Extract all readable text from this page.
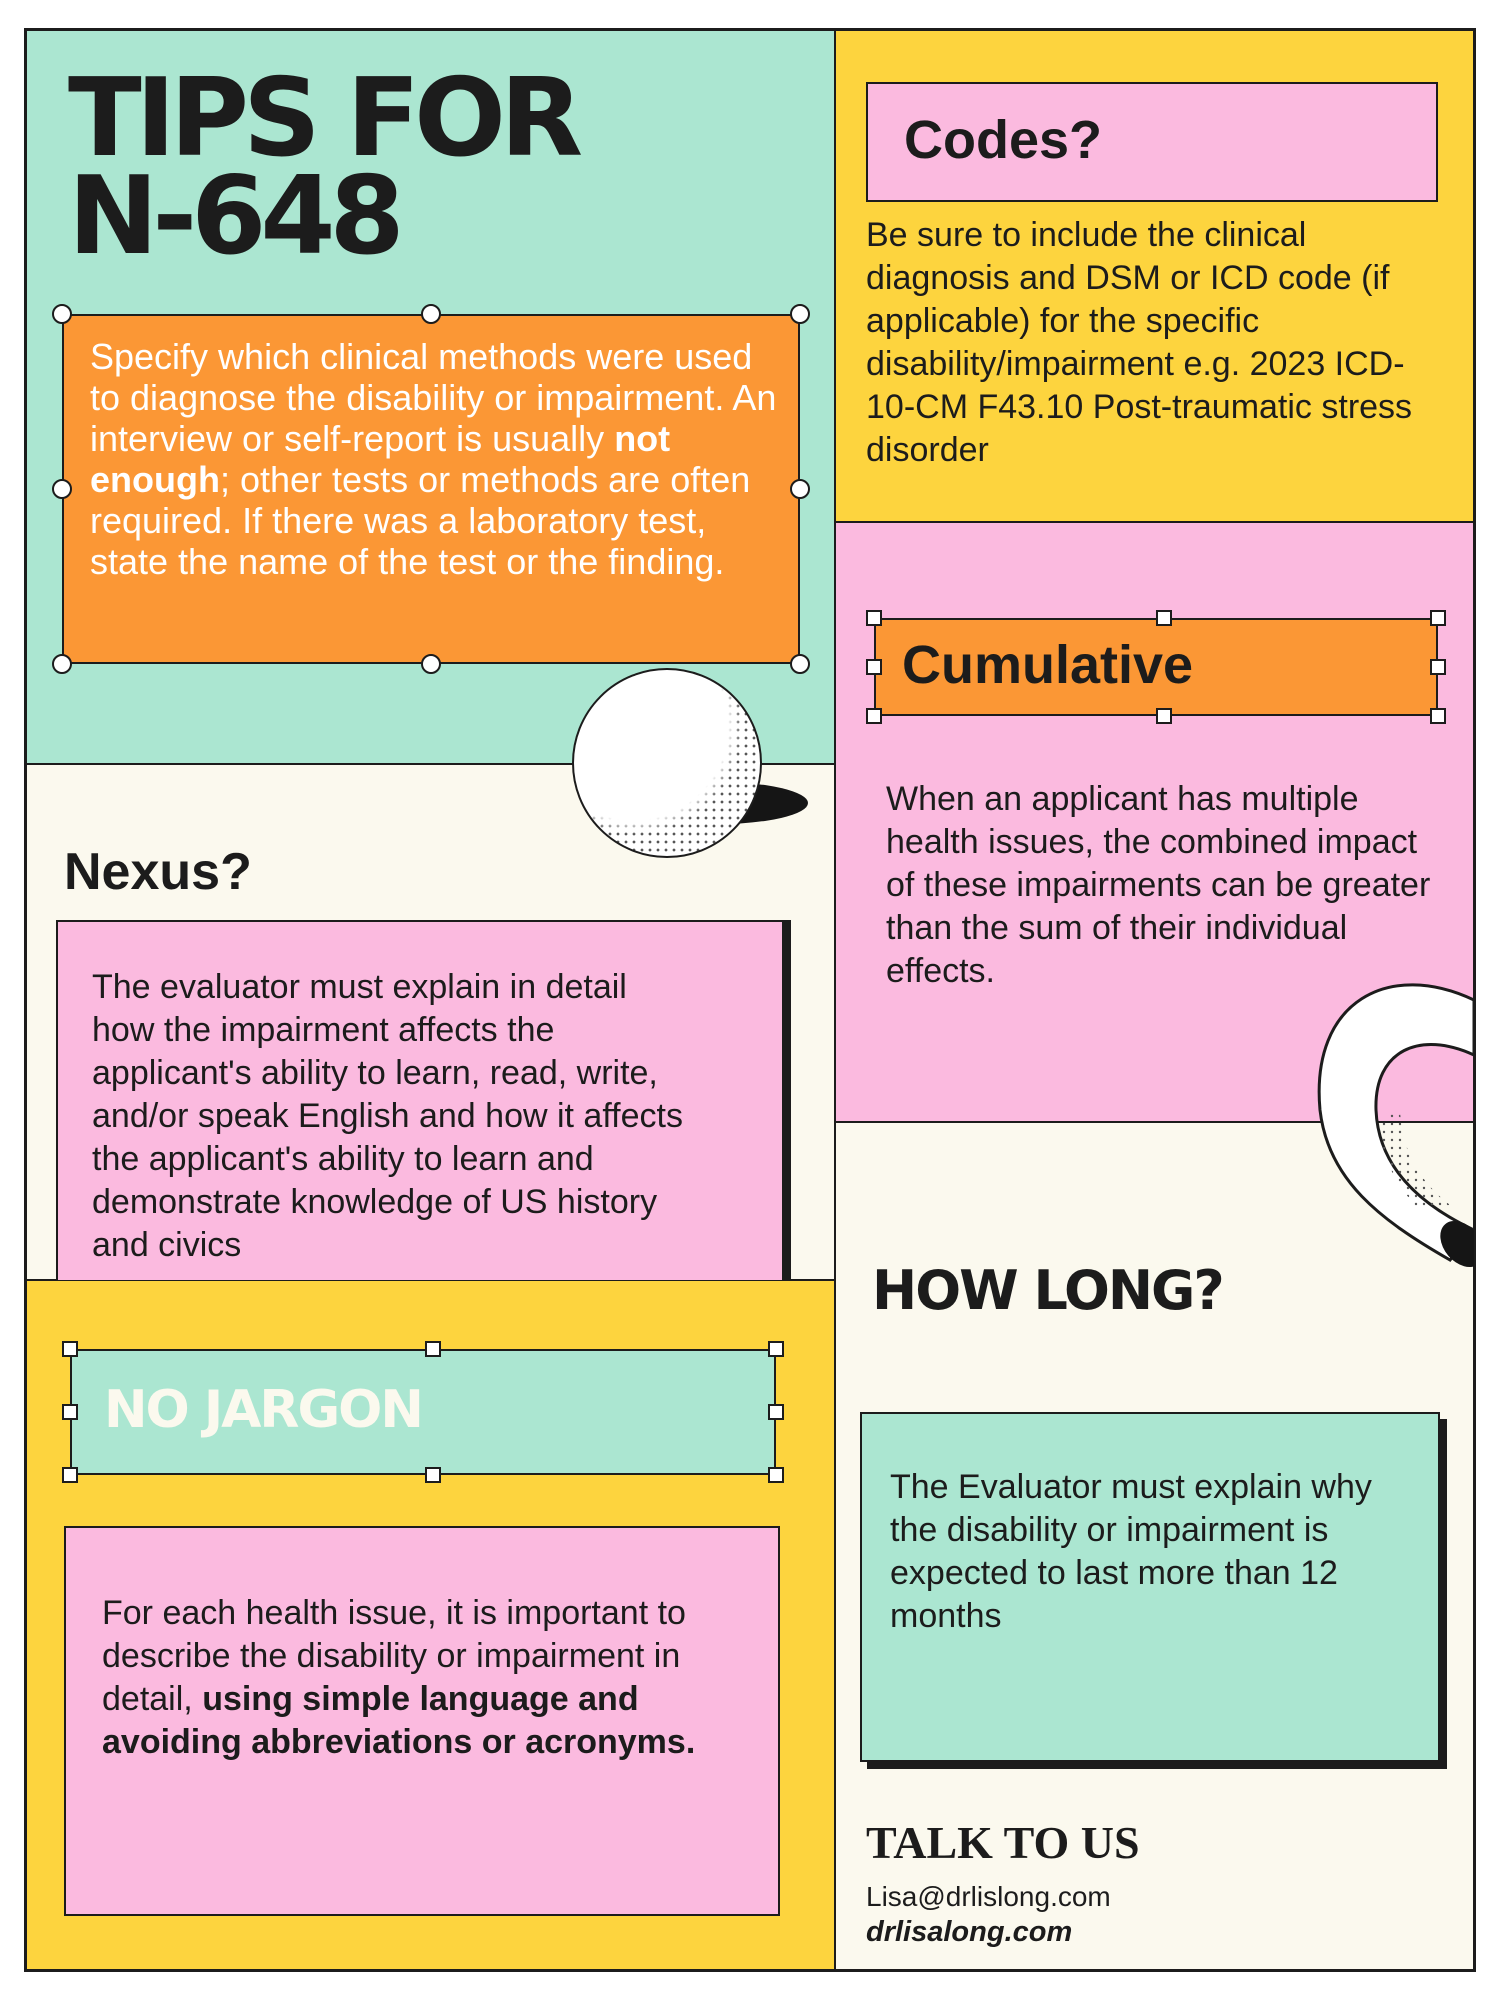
TIPS FOR
N-648
Specify which clinical methods were used to diagnose the disability or impairment. An interview or self-report is usually not enough; other tests or methods are often required. If there was a laboratory test, state the name of the test or the finding.
Codes?
Be sure to include the clinical diagnosis and DSM or ICD code (if applicable) for the specific disability/impairment e.g. 2023 ICD-10-CM F43.10 Post-traumatic stress disorder
Cumulative
When an applicant has multiple health issues, the combined impact of these impairments can be greater than the sum of their individual effects.
Nexus?
The evaluator must explain in detail how the impairment affects the applicant's ability to learn, read, write, and/or speak English and how it affects the applicant's ability to learn and demonstrate knowledge of US history and civics
NO JARGON
For each health issue, it is important to describe the disability or impairment in detail, using simple language and avoiding abbreviations or acronyms.
HOW LONG?
The Evaluator must explain why the disability or impairment is expected to last more than 12 months
TALK TO US
Lisa@drlislong.com
drlisalong.com
